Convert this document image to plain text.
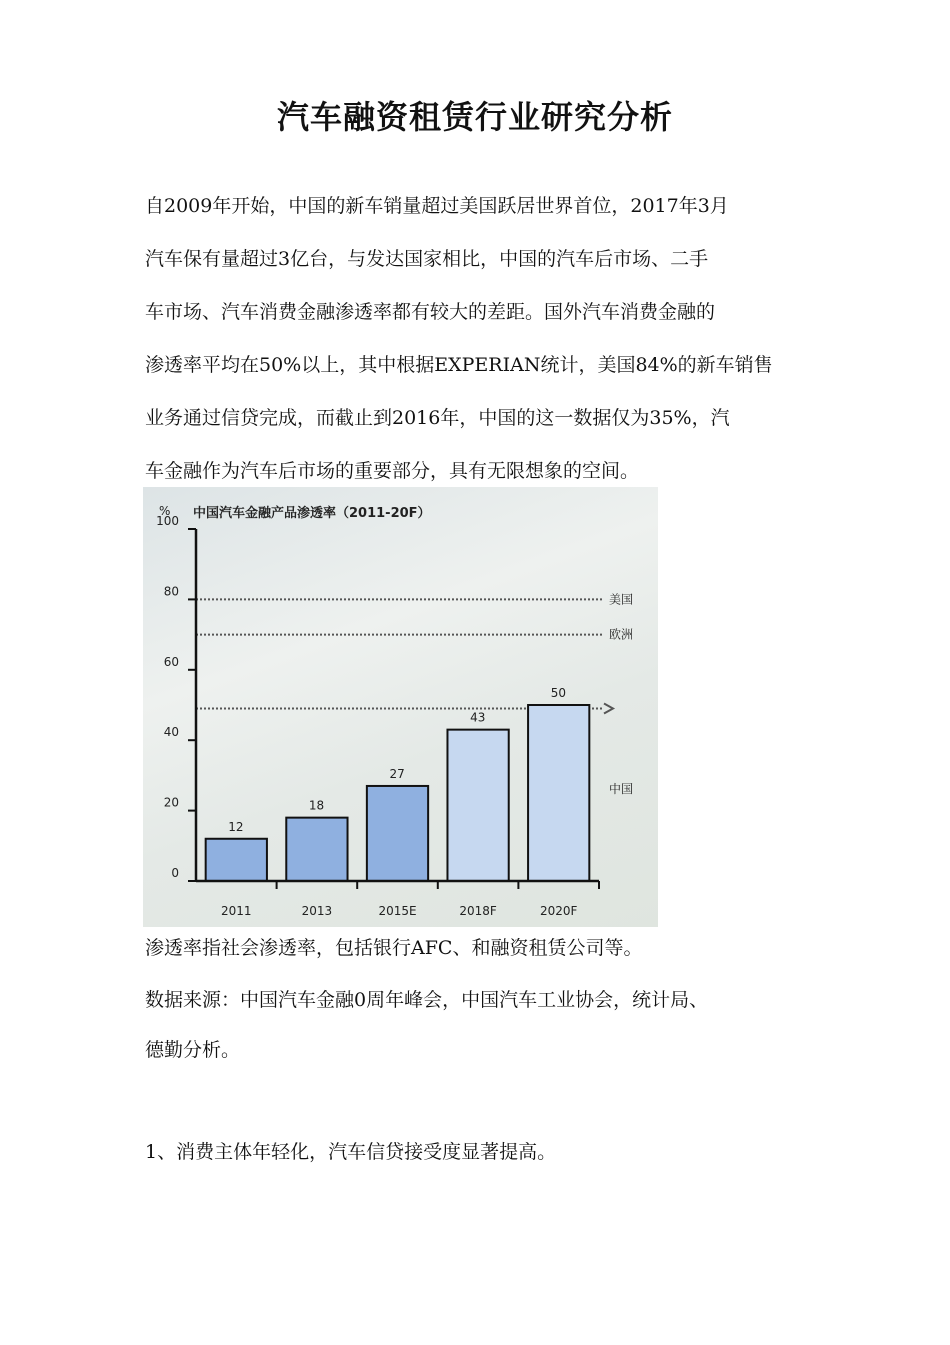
汽车融资租赁行业研究分析

自2009年开始，中国的新车销量超过美国跃居世界首位，2017年3月
汽车保有量超过3亿台，与发达国家相比，中国的汽车后市场、二手
车市场、汽车消费金融渗透率都有较大的差距。国外汽车消费金融的
渗透率平均在50%以上，其中根据EXPERIAN统计，美国84%的新车销售
业务通过信贷完成，而截止到2016年，中国的这一数据仅为35%，汽
车金融作为汽车后市场的重要部分，具有无限想象的空间。

中国汽车金融产品渗透率（2011-20F）
%
美国
欧洲
中国
12
2011
18
2013
27
2015E
43
2018F
50
2020F
0
20
40
60
80
100
渗透率指社会渗透率，包括银行AFC、和融资租赁公司等。
数据来源：中国汽车金融0周年峰会，中国汽车工业协会，统计局、
德勤分析。
1、消费主体年轻化，汽车信贷接受度显著提高。
